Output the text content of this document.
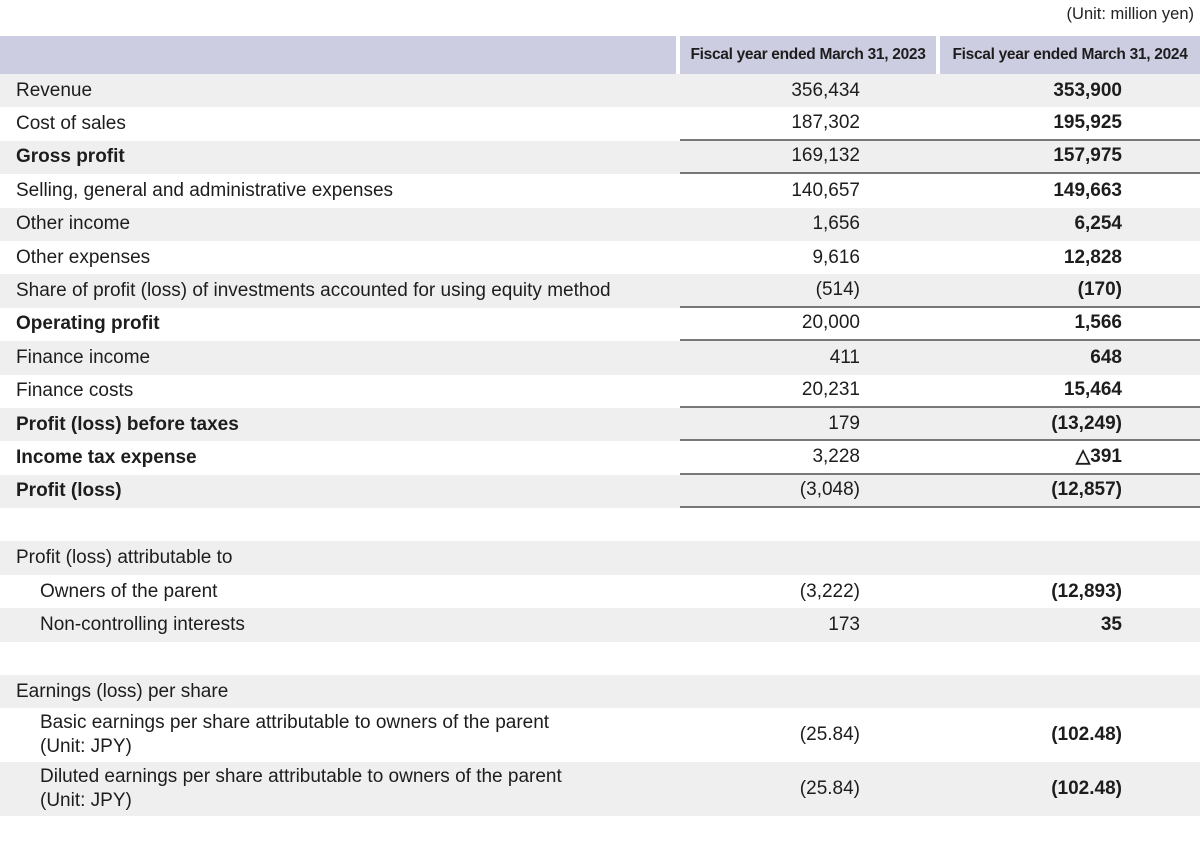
(Unit: million yen)
Fiscal year ended March 31, 2023	Fiscal year ended March 31, 2024
Revenue	356,434	353,900
Cost of sales	187,302	195,925
Gross profit	169,132	157,975
Selling, general and administrative expenses	140,657	149,663
Other income	1,656	6,254
Other expenses	9,616	12,828
Share of profit (loss) of investments accounted for using equity method	(514)	(170)
Operating profit	20,000	1,566
Finance income	411	648
Finance costs	20,231	15,464
Profit (loss) before taxes	179	(13,249)
Income tax expense	3,228	△391
Profit (loss)	(3,048)	(12,857)
Profit (loss) attributable to
Owners of the parent	(3,222)	(12,893)
Non-controlling interests	173	35
Earnings (loss) per share
Basic earnings per share attributable to owners of the parent
(Unit: JPY)
(25.84)	(102.48)
Diluted earnings per share attributable to owners of the parent
(Unit: JPY)
(25.84)	(102.48)
